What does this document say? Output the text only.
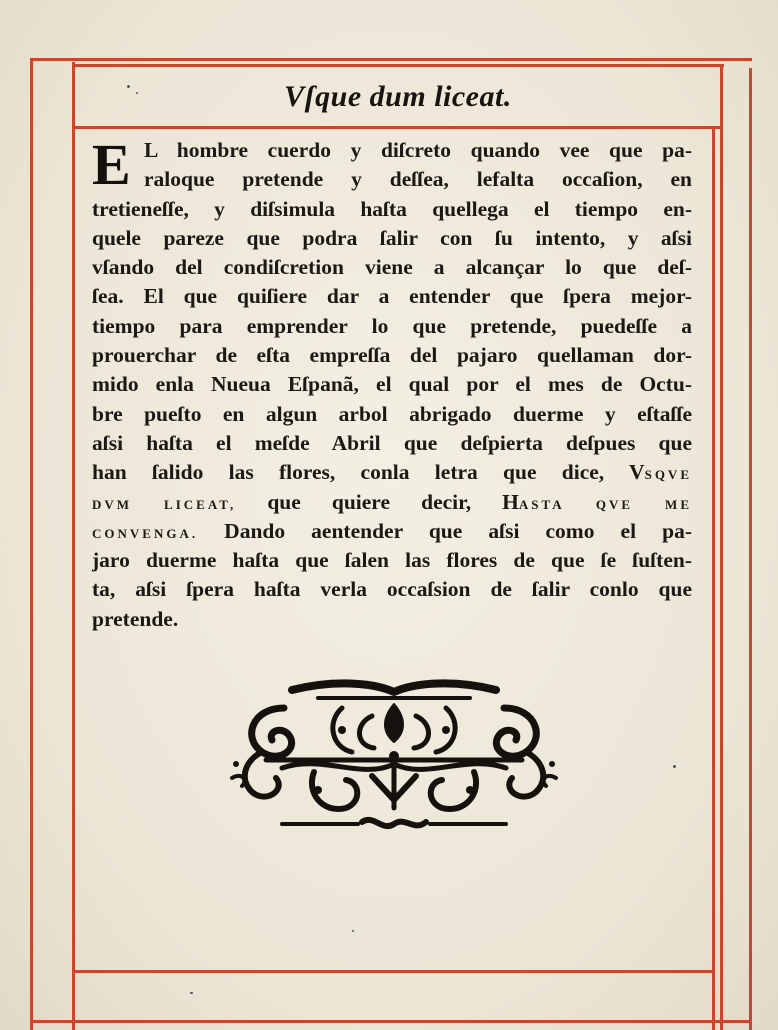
Vſque dum liceat.
E L hombre cuerdo y diſcreto quando vee que pa-
raloque pretende y deſſea, lefalta occaſion, en
tretieneſſe, y diſsimula haſta quellega el tiempo en-
quele pareze que podra ſalir con ſu intento, y aſsi
vſando del condiſcretion viene a alcançar lo que deſ-
ſea. El que quiſiere dar a entender que ſpera mejor-
tiempo para emprender lo que pretende, puedeſſe a
prouerchar de eſta empreſſa del pajaro quellaman dor-
mido enla Nueua Eſpanã, el qual por el mes de Octu-
bre pueſto en algun arbol abrigado duerme y eſtaſſe
aſsi haſta el meſde Abril que deſpierta deſpues que
han ſalido las flores, conla letra que dice, VSQVE
DVM LICEAT, que quiere decir, HASTA QVE ME
CONVENGA. Dando aentender que aſsi como el pa-
jaro duerme haſta que ſalen las flores de que ſe ſuſten-
ta, aſsi ſpera haſta verla occaſsion de ſalir conlo que
pretende.
